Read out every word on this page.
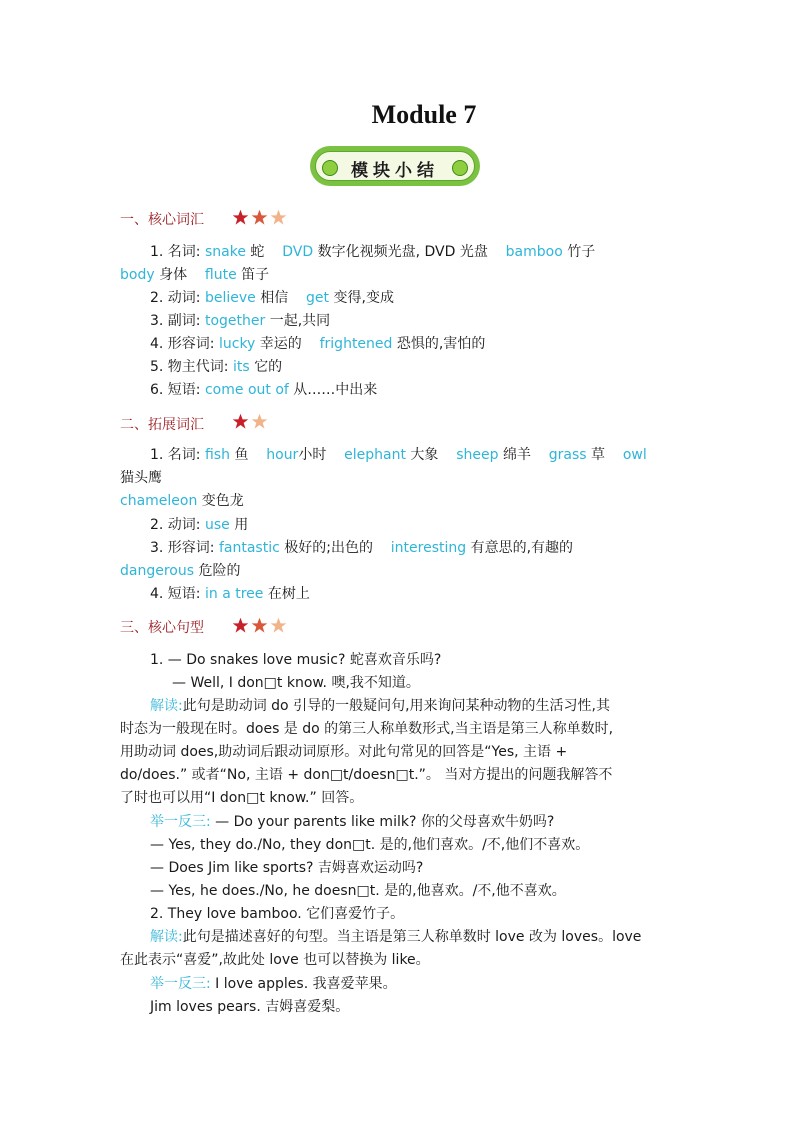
Module 7
模块小结
一、核心词汇
1. 名词: snake 蛇 DVD 数字化视频光盘, DVD 光盘 bamboo 竹子
body 身体 flute 笛子
2. 动词: believe 相信 get 变得,变成
3. 副词: together 一起,共同
4. 形容词: lucky 幸运的 frightened 恐惧的,害怕的
5. 物主代词: its 它的
6. 短语: come out of 从……中出来
二、拓展词汇
1. 名词: fish 鱼 hour小时 elephant 大象 sheep 绵羊 grass 草 owl
猫头鹰
chameleon 变色龙
2. 动词: use 用
3. 形容词: fantastic 极好的;出色的 interesting 有意思的,有趣的
dangerous 危险的
4. 短语: in a tree 在树上
三、核心句型
1. — Do snakes love music? 蛇喜欢音乐吗?
— Well, I don□t know. 噢,我不知道。
解读:此句是助动词 do 引导的一般疑问句,用来询问某种动物的生活习性,其
时态为一般现在时。does 是 do 的第三人称单数形式,当主语是第三人称单数时,
用助动词 does,助动词后跟动词原形。对此句常见的回答是“Yes, 主语 +
do/does.” 或者“No, 主语 + don□t/doesn□t.”。 当对方提出的问题我解答不
了时也可以用“I don□t know.” 回答。
举一反三: — Do your parents like milk? 你的父母喜欢牛奶吗?
— Yes, they do./No, they don□t. 是的,他们喜欢。/不,他们不喜欢。
— Does Jim like sports? 吉姆喜欢运动吗?
— Yes, he does./No, he doesn□t. 是的,他喜欢。/不,他不喜欢。
2. They love bamboo. 它们喜爱竹子。
解读:此句是描述喜好的句型。当主语是第三人称单数时 love 改为 loves。love
在此表示“喜爱”,故此处 love 也可以替换为 like。
举一反三: I love apples. 我喜爱苹果。
Jim loves pears. 吉姆喜爱梨。
